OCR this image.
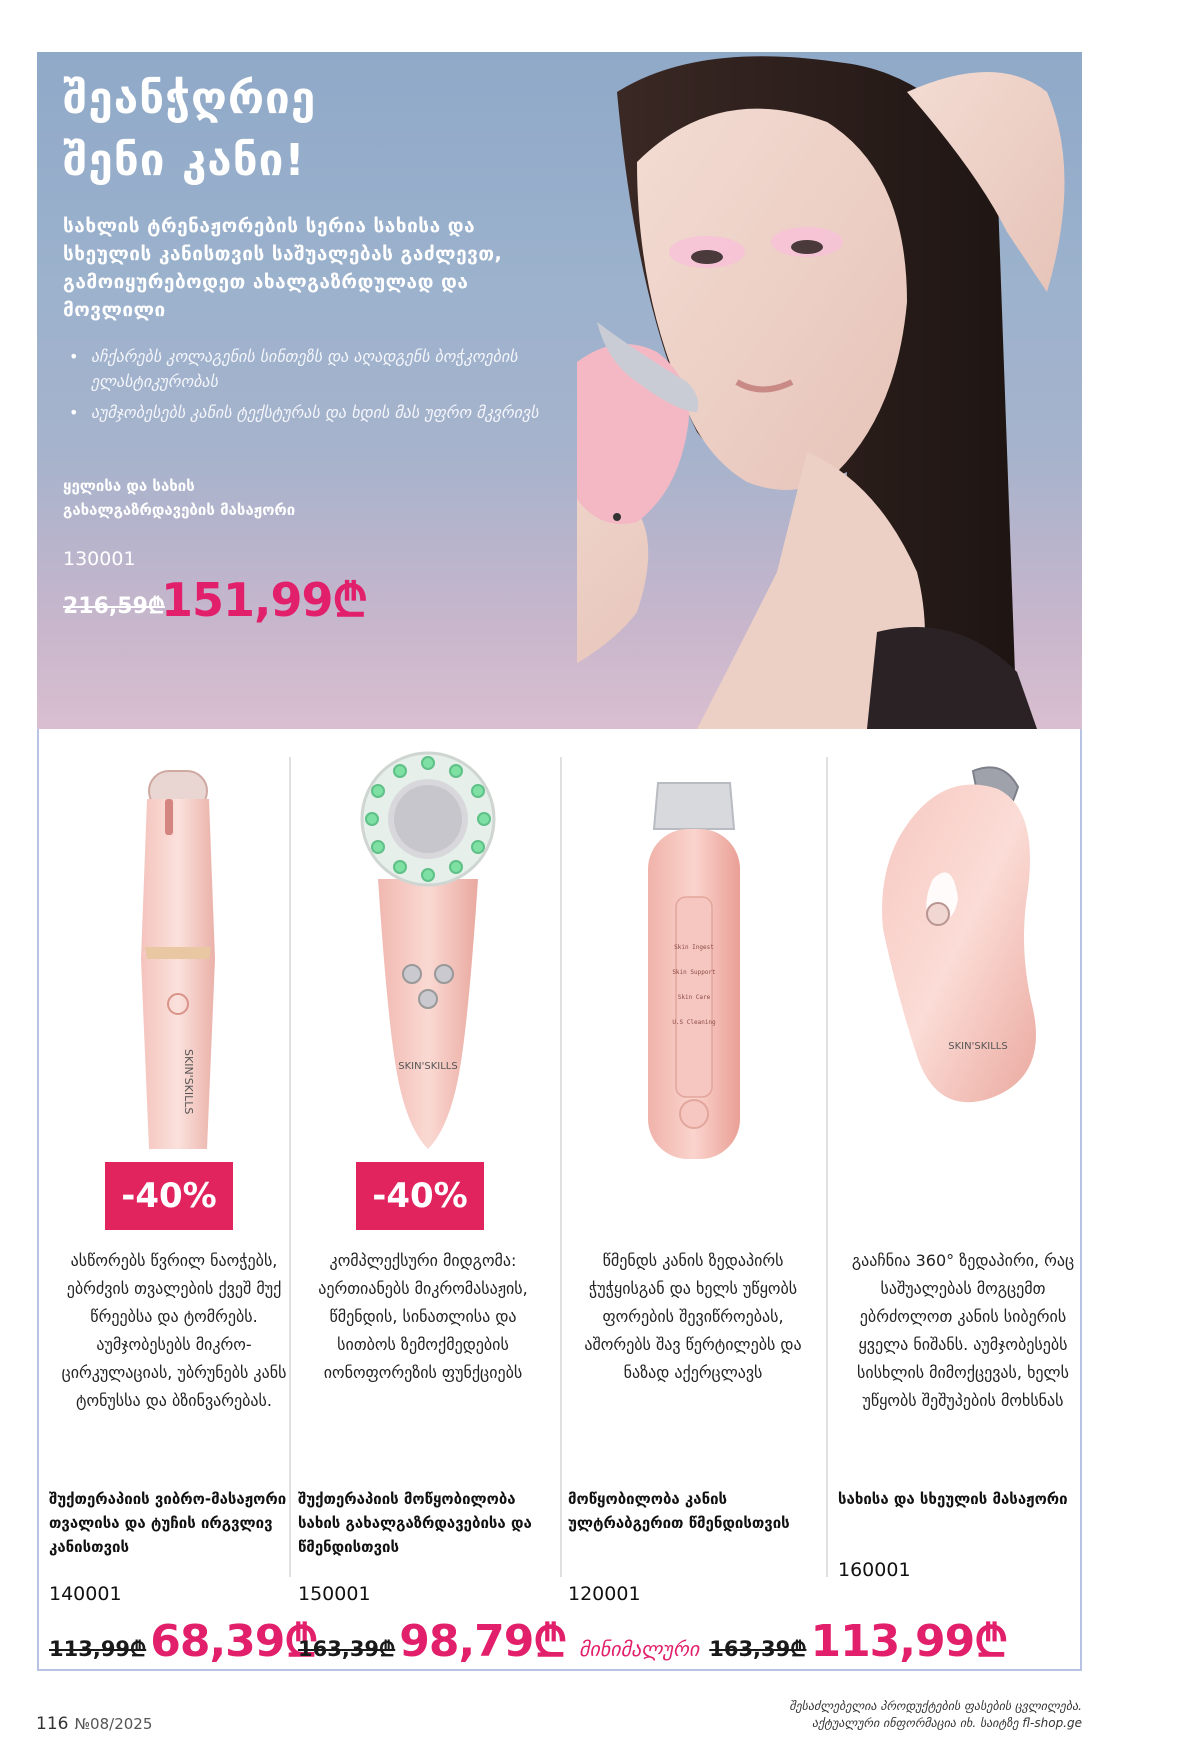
შეანჭღრიე
შენი კანი!

სახლის ტრენაჟორების სერია სახისა და სხეულის კანისთვის საშუალებას გაძლევთ, გამოიყურებოდეთ ახალგაზრდულად და მოვლილი

• აჩქარებს კოლაგენის სინთეზს და აღადგენს ბოჭკოების ელასტიკურობას
• აუმჯობესებს კანის ტექსტურას და ხდის მას უფრო მკვრივს

ყელისა და სახის გახალგაზრდავების მასაჟორი

130001
216,59₾
151,99₾
SKIN'SKILLS
-40%

ასწორებს წვრილ ნაოჭებს, ებრძვის თვალების ქვეშ მუქ წრეებსა და ტომრებს. აუმჯობესებს მიკრო-ცირკულაციას, უბრუნებს კანს ტონუსსა და ბზინვარებას.

შუქთერაპიის ვიბრო-მასაჟორი თვალისა და ტუჩის ირგვლივ კანისთვის

140001
113,99₾68,39₾
SKIN'SKILLS
-40%

კომპლექსური მიდგომა: აერთიანებს მიკრომასაჟის, წმენდის, სინათლისა და სითბოს ზემოქმედების იონოფორეზის ფუნქციებს

შუქთერაპიის მოწყობილობა სახის გახალგაზრდავებისა და წმენდისთვის

150001
163,39₾98,79₾
Skin Ingest
Skin Support
Skin Care
U.S Cleaning

წმენდს კანის ზედაპირს ჭუჭყისგან და ხელს უწყობს ფორების შევიწროებას, აშორებს შავ წერტილებს და ნაზად აქერცლავს

მოწყობილობა კანის ულტრაბგერით წმენდისთვის

120001
SKIN'SKILLS

გააჩნია 360° ზედაპირი, რაც საშუალებას მოგცემთ ებრძოლოთ კანის სიბერის ყველა ნიშანს. აუმჯობესებს სისხლის მიმოქცევას, ხელს უწყობს შეშუპების მოხსნას

სახისა და სხეულის მასაჟორი

160001
მინიმალური 163,39₾113,99₾
116 №08/2025
შესაძლებელია პროდუქტების ფასების ცვლილება.
აქტუალური ინფორმაცია იხ. საიტზე fl-shop.ge
